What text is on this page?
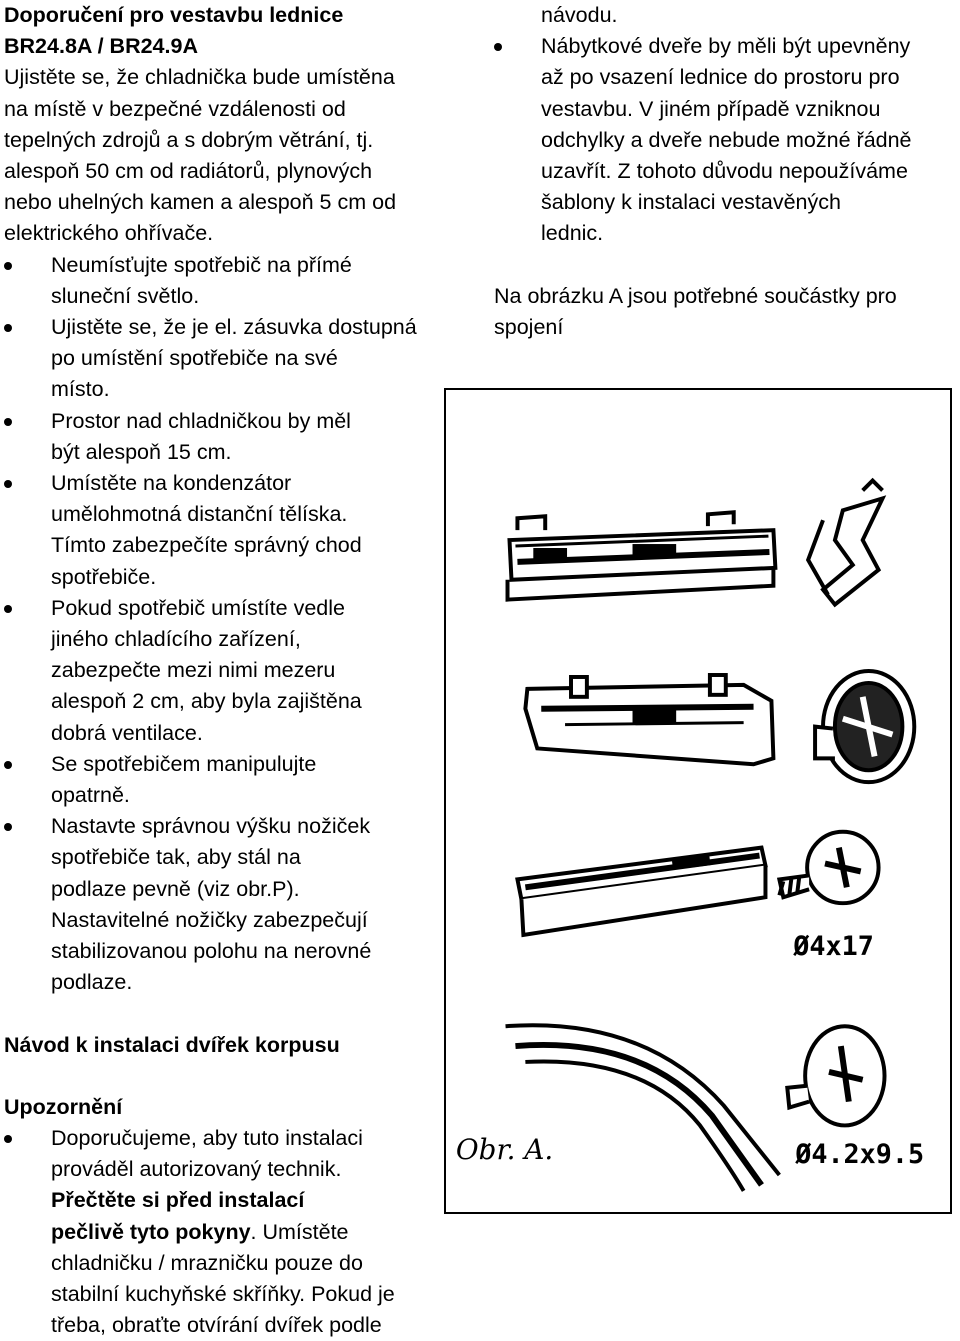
Doporučení pro vestavbu lednice

BR24.8A / BR24.9A

Ujistěte se, že chladnička bude umístěna

na místě v bezpečné vzdálenosti od

tepelných zdrojů a s dobrým větrání, tj.

alespoň 50 cm od radiátorů, plynových

nebo uhelných kamen a alespoň 5 cm od

elektrického ohřívače.

Neumísťujte spotřebič na přímé
sluneční světlo.
Ujistěte se, že je el. zásuvka dostupná
po umístění spotřebiče na své
místo.
Prostor nad chladničkou by měl
být alespoň 15 cm.
Umístěte na kondenzátor
umělohmotná distanční tělíska.
Tímto zabezpečíte správný chod
spotřebiče.
Pokud spotřebič umístíte vedle
jiného chladícího zařízení,
zabezpečte mezi nimi mezeru
alespoň 2 cm, aby byla zajištěna
dobrá ventilace.
Se spotřebičem manipulujte
opatrně.
Nastavte správnou výšku nožiček
spotřebiče tak, aby stál na
podlaze pevně (viz obr.P).
Nastavitelné nožičky zabezpečují
stabilizovanou polohu na nerovné
podlaze.

Návod k instalaci dvířek korpusu

Upozornění

Doporučujeme, aby tuto instalaci
prováděl autorizovaný technik.
Přečtěte si před instalací
pečlivě tyto pokyny. Umístěte
chladničku / mrazničku pouze do
stabilní kuchyňské skříňky. Pokud je
třeba, obraťte otvírání dvířek podle

návodu.

Nábytkové dveře by měli být upevněny
až po vsazení lednice do prostoru pro
vestavbu. V jiném případě vzniknou
odchylky a dveře nebude možné řádně
uzavřít. Z tohoto důvodu nepoužíváme
šablony k instalaci vestavěných
lednic.

Na obrázku A jsou potřebné součástky pro

spojení

Ø4x17
Ø4.2x9.5
Obr. A.
